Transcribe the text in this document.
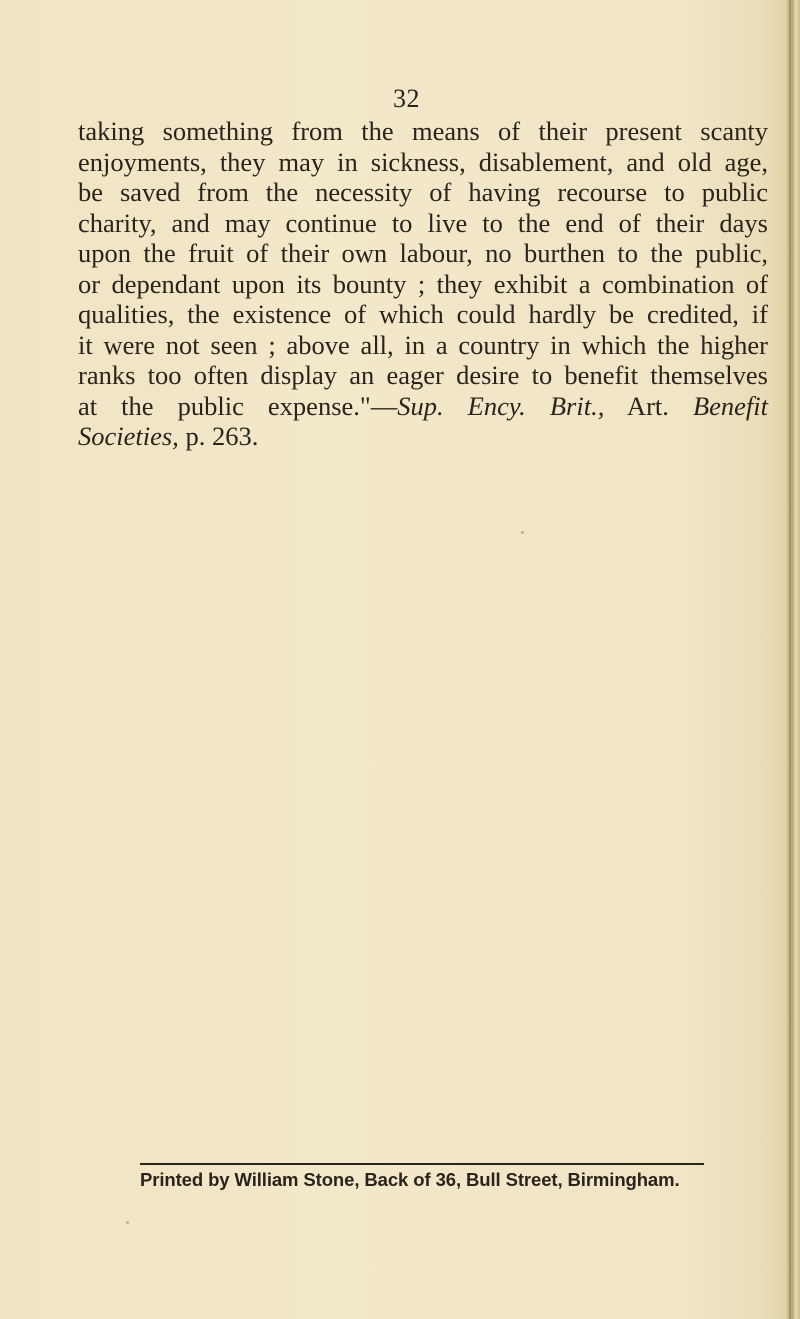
32
taking something from the means of their present scanty
enjoyments, they may in sickness, disablement, and old age,
be saved from the necessity of having recourse to public
charity, and may continue to live to the end of their days
upon the fruit of their own labour, no burthen to the public,
or dependant upon its bounty ; they exhibit a combination of
qualities, the existence of which could hardly be credited, if
it were not seen ; above all, in a country in which the higher
ranks too often display an eager desire to benefit themselves
at the public expense."—Sup. Ency. Brit., Art. Benefit
Societies, p. 263.
Printed by William Stone, Back of 36, Bull Street, Birmingham.
